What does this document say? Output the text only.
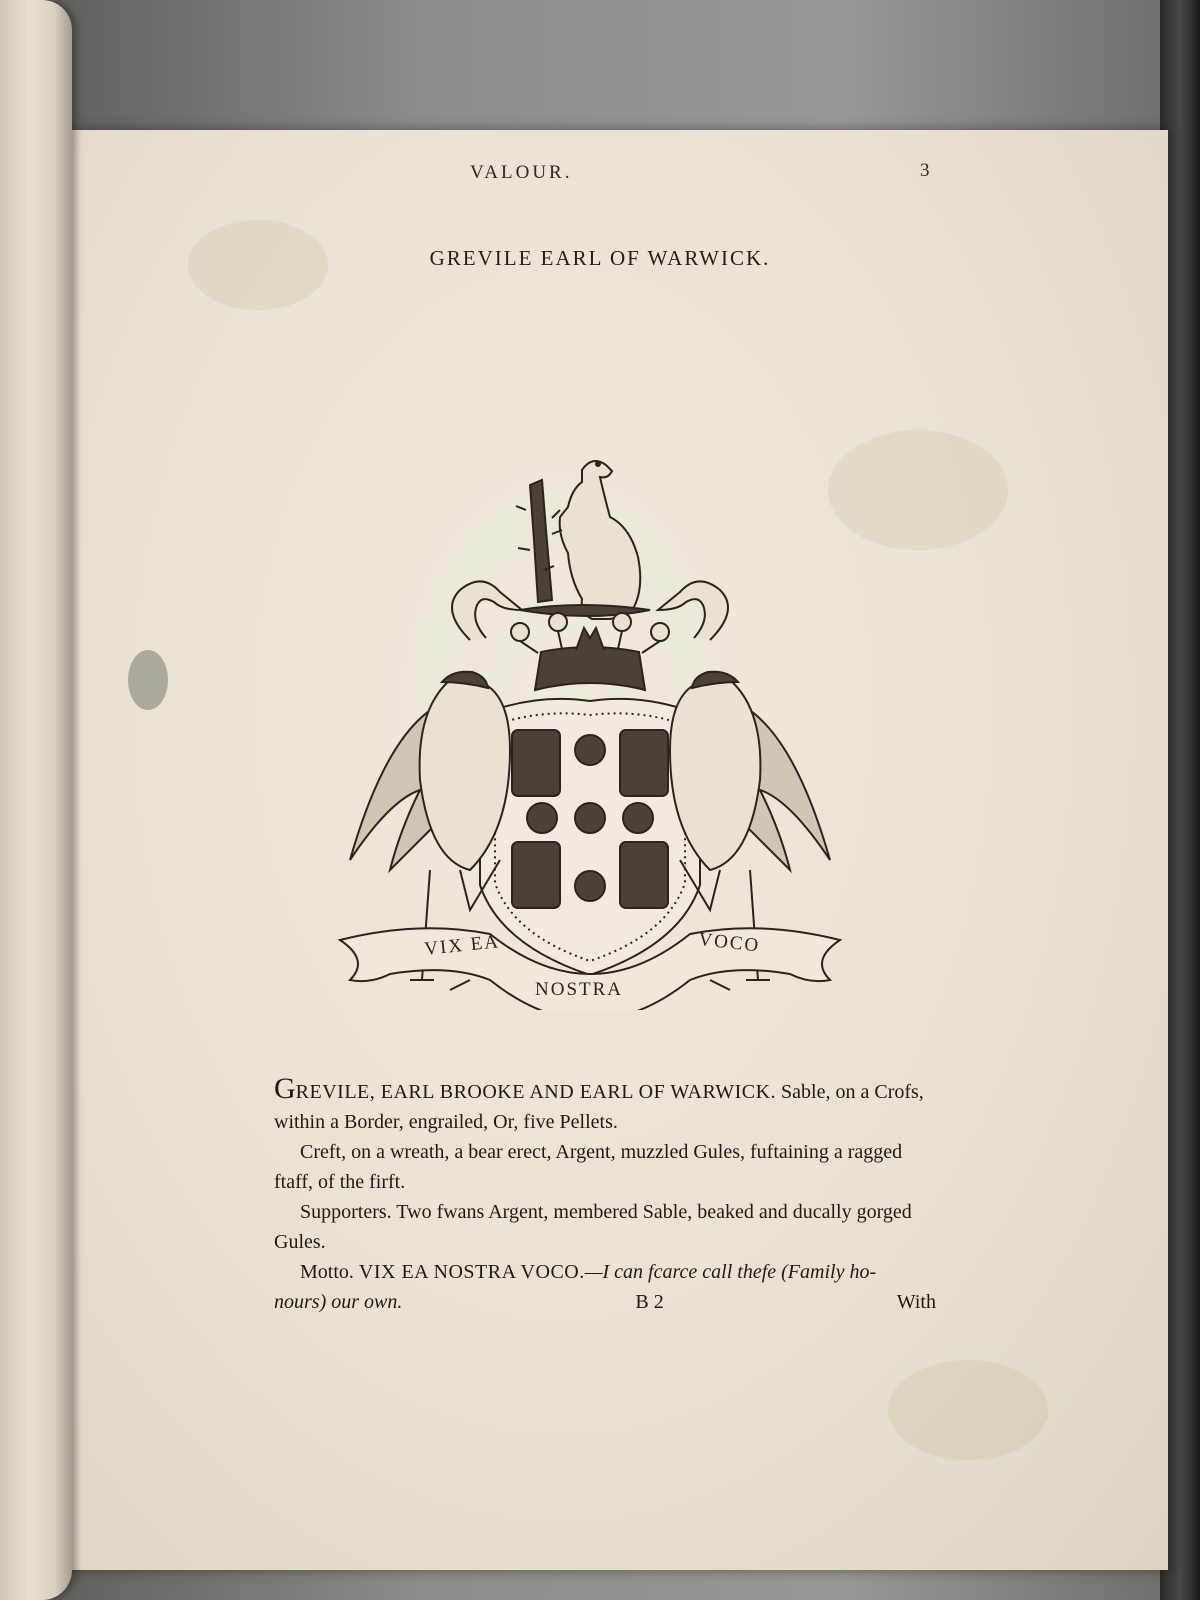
VALOUR.	3
GREVILE EARL OF WARWICK.
VIX EA
NOSTRA
VOCO

GREVILE, EARL BROOKE AND EARL OF WARWICK. Sable, on a Crofs, within a Border, engrailed, Or, five Pellets.

Creft, on a wreath, a bear erect, Argent, muzzled Gules, fuftaining a ragged ftaff, of the firft.

Supporters. Two fwans Argent, membered Sable, beaked and ducally gorged Gules.

Motto. VIX EA NOSTRA VOCO.—I can fcarce call thefe (Family ho-

nours) our own.	B 2	With
